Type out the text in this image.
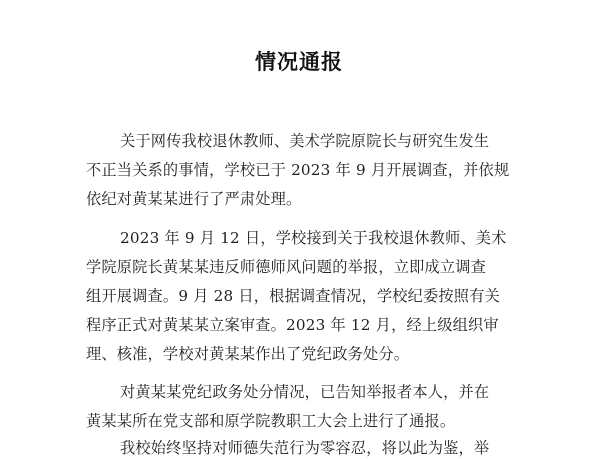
情况通报
关于网传我校退休教师、美术学院原院长与研究生发生
不正当关系的事情，学校已于 2023 年 9 月开展调查，并依规
依纪对黄某某进行了严肃处理。
2023 年 9 月 12 日，学校接到关于我校退休教师、美术
学院原院长黄某某违反师德师风问题的举报，立即成立调查
组开展调查。9 月 28 日，根据调查情况，学校纪委按照有关
程序正式对黄某某立案审查。2023 年 12 月，经上级组织审
理、核准，学校对黄某某作出了党纪政务处分。
对黄某某党纪政务处分情况，已告知举报者本人，并在
黄某某所在党支部和原学院教职工大会上进行了通报。
我校始终坚持对师德失范行为零容忍，将以此为鉴，举
